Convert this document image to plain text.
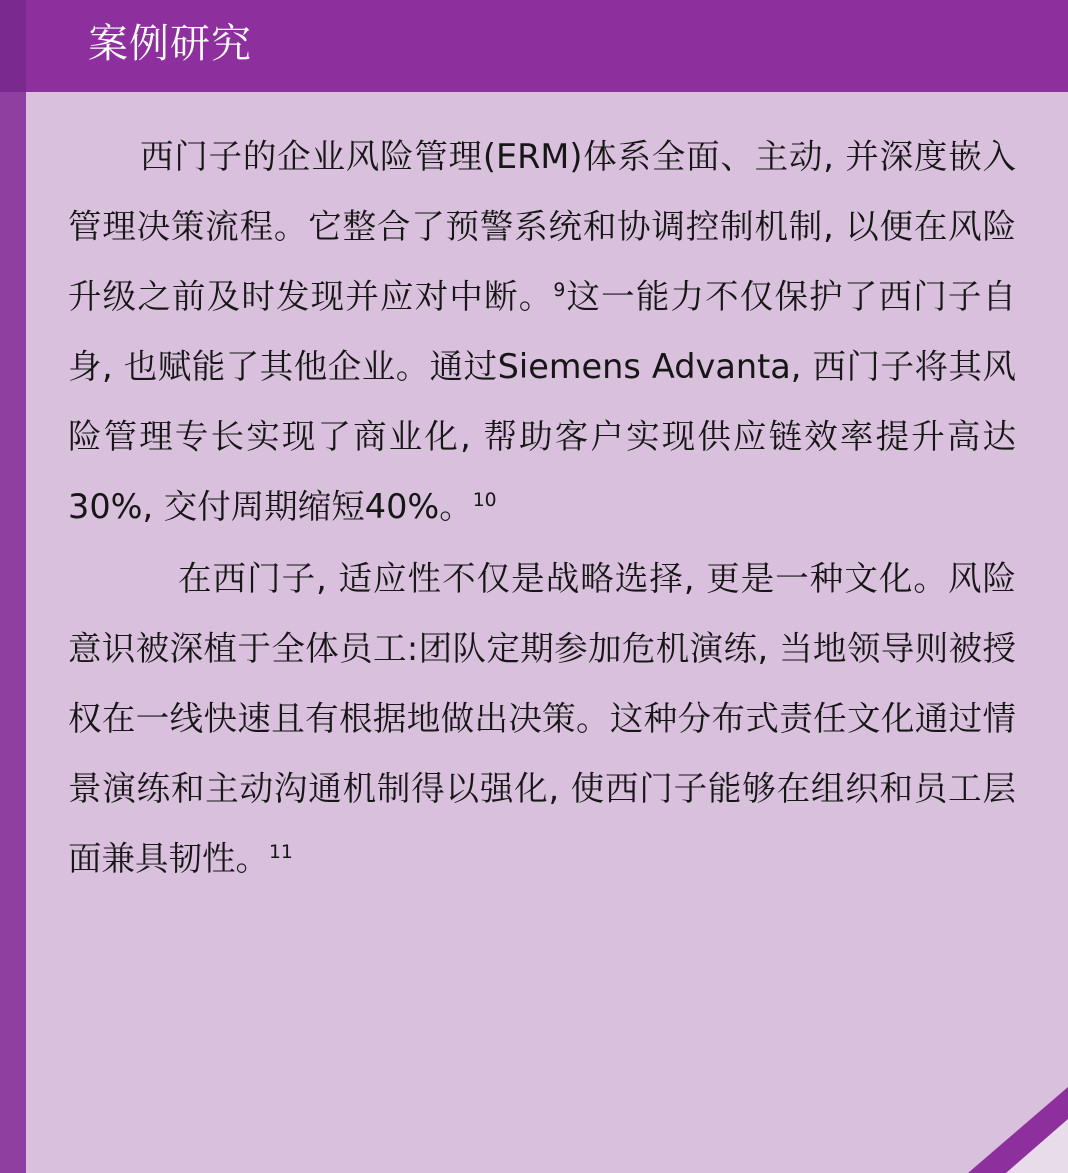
案例研究

西门子的企业风险管理(ERM)体系全面、主动, 并深度嵌入管理决策流程。它整合了预警系统和协调控制机制, 以便在风险升级之前及时发现并应对中断。$^9$这一能力不仅保护了西门子自身, 也赋能了其他企业。通过Siemens Advanta, 西门子将其风险管理专长实现了商业化, 帮助客户实现供应链效率提升高达30%, 交付周期缩短40%。$^{10}$

在西门子, 适应性不仅是战略选择, 更是一种文化。风险意识被深植于全体员工:团队定期参加危机演练, 当地领导则被授权在一线快速且有根据地做出决策。这种分布式责任文化通过情景演练和主动沟通机制得以强化, 使西门子能够在组织和员工层面兼具韧性。$^{11}$
